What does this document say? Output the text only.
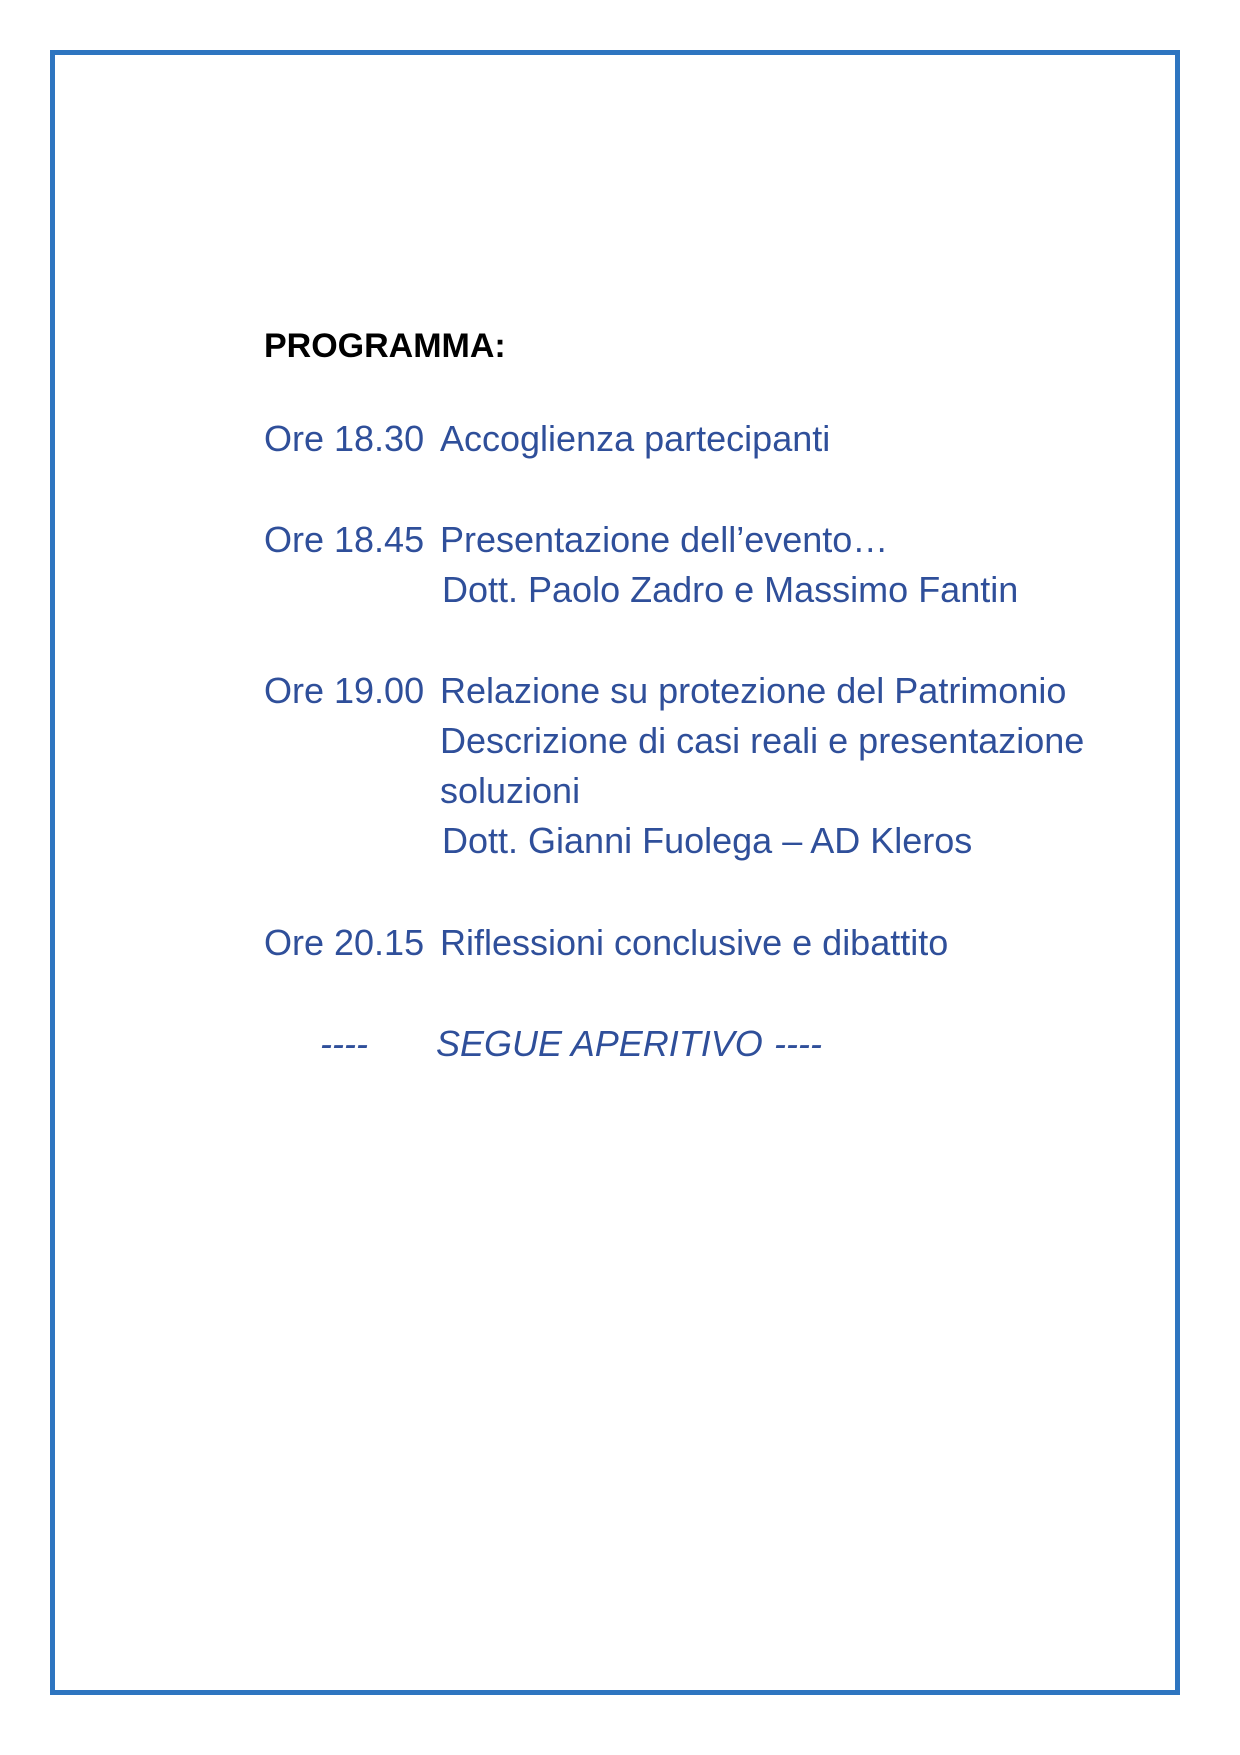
PROGRAMMA:
Ore 18.30 Accoglienza partecipanti
Ore 18.45 Presentazione dell’evento…
Dott. Paolo Zadro e Massimo Fantin
Ore 19.00 Relazione su protezione del Patrimonio
Descrizione di casi reali e presentazione
soluzioni
Dott. Gianni Fuolega – AD Kleros
Ore 20.15 Riflessioni conclusive e dibattito
---- SEGUE APERITIVO ----
